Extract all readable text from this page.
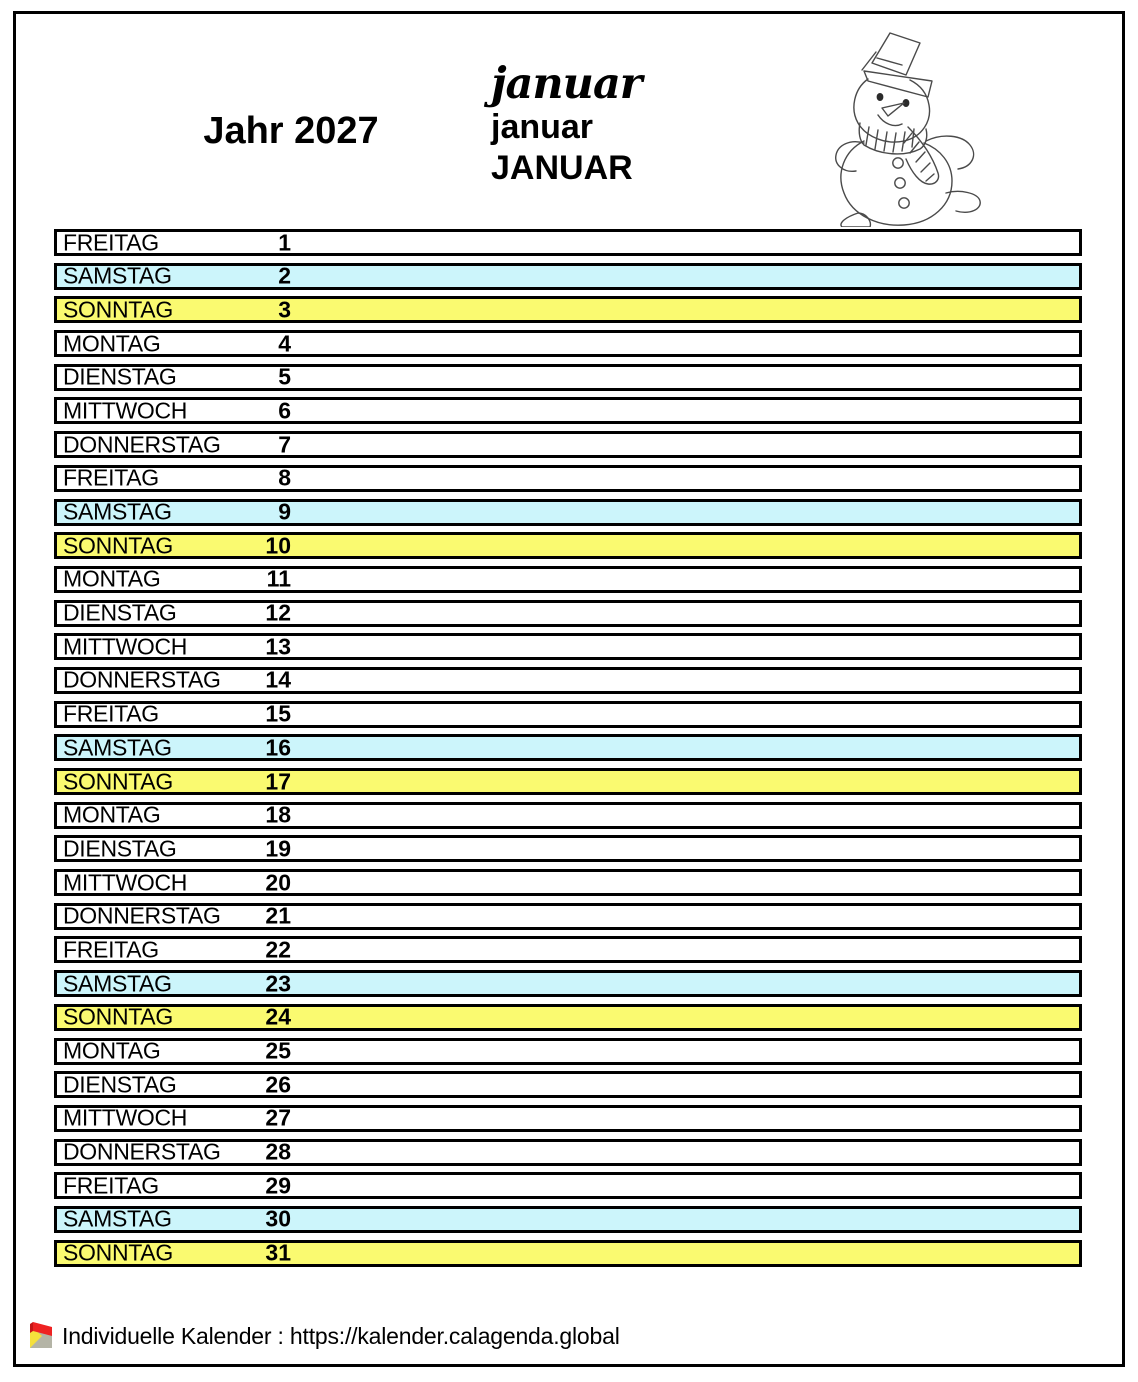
Jahr 2027
januar
januar
JANUAR
FREITAG	1
SAMSTAG	2
SONNTAG	3
MONTAG	4
DIENSTAG	5
MITTWOCH	6
DONNERSTAG	7
FREITAG	8
SAMSTAG	9
SONNTAG	10
MONTAG	11
DIENSTAG	12
MITTWOCH	13
DONNERSTAG	14
FREITAG	15
SAMSTAG	16
SONNTAG	17
MONTAG	18
DIENSTAG	19
MITTWOCH	20
DONNERSTAG	21
FREITAG	22
SAMSTAG	23
SONNTAG	24
MONTAG	25
DIENSTAG	26
MITTWOCH	27
DONNERSTAG	28
FREITAG	29
SAMSTAG	30
SONNTAG	31
Individuelle Kalender : https://kalender.calagenda.global
